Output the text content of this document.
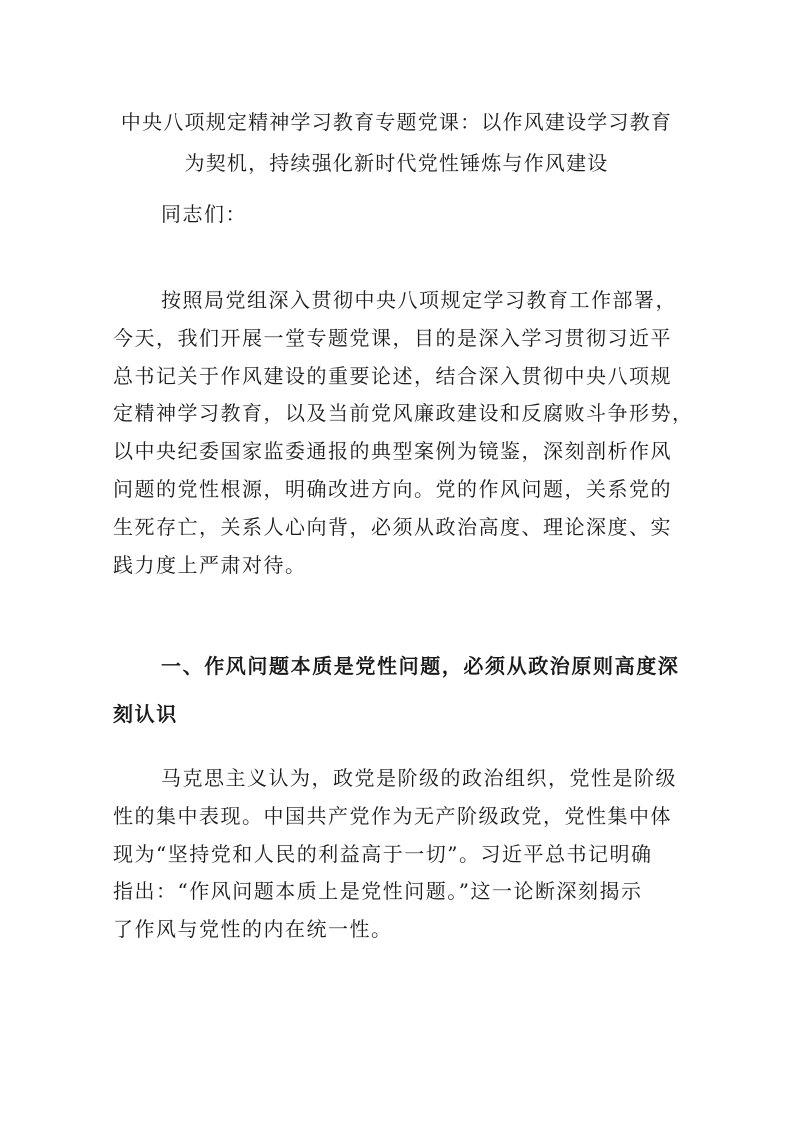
中央八项规定精神学习教育专题党课：以作风建设学习教育
为契机，持续强化新时代党性锤炼与作风建设
同志们：
按照局党组深入贯彻中央八项规定学习教育工作部署，
今天，我们开展一堂专题党课，目的是深入学习贯彻习近平
总书记关于作风建设的重要论述，结合深入贯彻中央八项规
定精神学习教育，以及当前党风廉政建设和反腐败斗争形势，
以中央纪委国家监委通报的典型案例为镜鉴，深刻剖析作风
问题的党性根源，明确改进方向。党的作风问题，关系党的
生死存亡，关系人心向背，必须从政治高度、理论深度、实
践力度上严肃对待。
一、作风问题本质是党性问题，必须从政治原则高度深
刻认识
马克思主义认为，政党是阶级的政治组织，党性是阶级
性的集中表现。中国共产党作为无产阶级政党，党性集中体
现为“坚持党和人民的利益高于一切”。习近平总书记明确
指出：“作风问题本质上是党性问题。”这一论断深刻揭示
了作风与党性的内在统一性。
